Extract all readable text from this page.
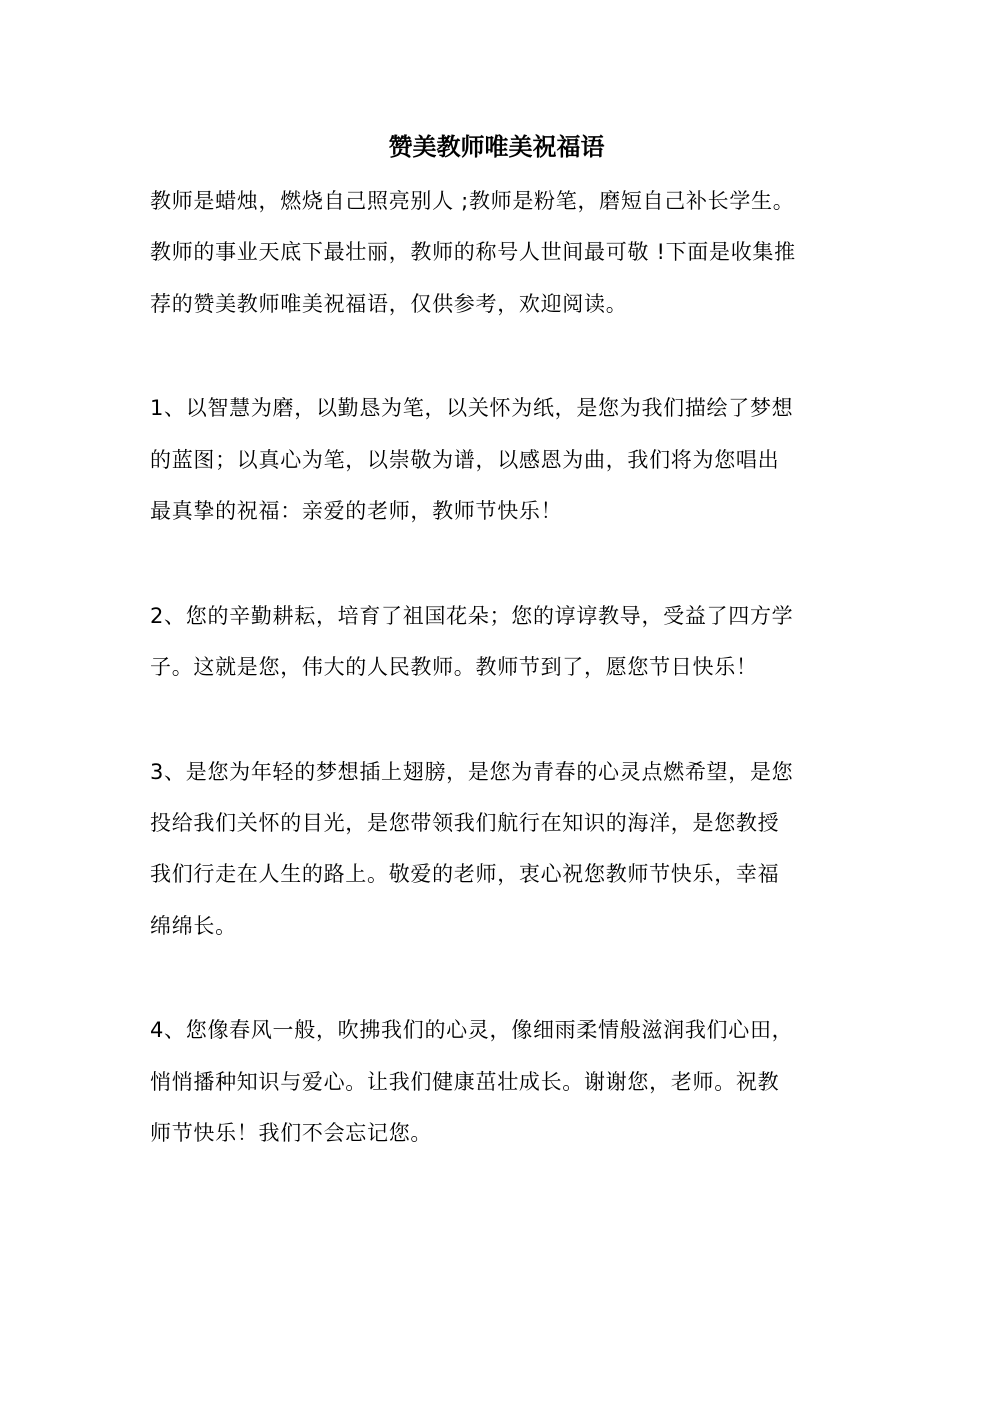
赞美教师唯美祝福语
教师是蜡烛，燃烧自己照亮别人 ;教师是粉笔，磨短自己补长学生。
教师的事业天底下最壮丽，教师的称号人世间最可敬 !下面是收集推
荐的赞美教师唯美祝福语，仅供参考，欢迎阅读。
1、以智慧为磨，以勤恳为笔，以关怀为纸，是您为我们描绘了梦想
的蓝图；以真心为笔，以崇敬为谱，以感恩为曲，我们将为您唱出
最真挚的祝福：亲爱的老师，教师节快乐！
2、您的辛勤耕耘，培育了祖国花朵；您的谆谆教导，受益了四方学
子。这就是您，伟大的人民教师。教师节到了，愿您节日快乐！
3、是您为年轻的梦想插上翅膀，是您为青春的心灵点燃希望，是您
投给我们关怀的目光，是您带领我们航行在知识的海洋，是您教授
我们行走在人生的路上。敬爱的老师，衷心祝您教师节快乐，幸福
绵绵长。
4、您像春风一般，吹拂我们的心灵，像细雨柔情般滋润我们心田，
悄悄播种知识与爱心。让我们健康茁壮成长。谢谢您，老师。祝教
师节快乐！我们不会忘记您。
